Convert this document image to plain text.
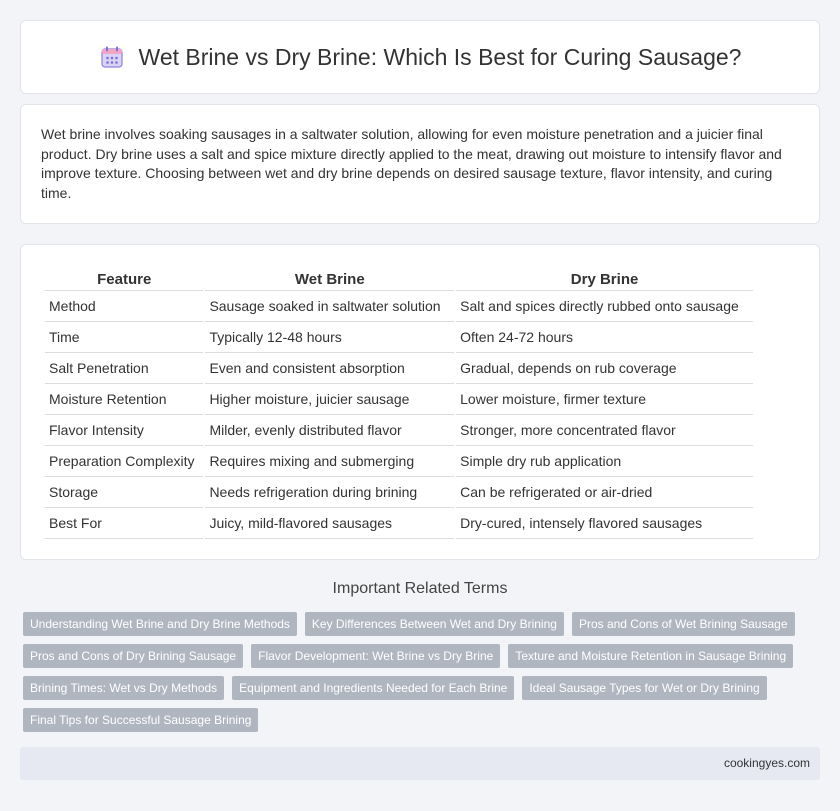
Wet Brine vs Dry Brine: Which Is Best for Curing Sausage?

Wet brine involves soaking sausages in a saltwater solution, allowing for even moisture penetration and a juicier final product. Dry brine uses a salt and spice mixture directly applied to the meat, drawing out moisture to intensify flavor and improve texture. Choosing between wet and dry brine depends on desired sausage texture, flavor intensity, and curing time.

Feature	Wet Brine	Dry Brine
Method	Sausage soaked in saltwater solution	Salt and spices directly rubbed onto sausage
Time	Typically 12-48 hours	Often 24-72 hours
Salt Penetration	Even and consistent absorption	Gradual, depends on rub coverage
Moisture Retention	Higher moisture, juicier sausage	Lower moisture, firmer texture
Flavor Intensity	Milder, evenly distributed flavor	Stronger, more concentrated flavor
Preparation Complexity	Requires mixing and submerging	Simple dry rub application
Storage	Needs refrigeration during brining	Can be refrigerated or air-dried
Best For	Juicy, mild-flavored sausages	Dry-cured, intensely flavored sausages
Important Related Terms
Understanding Wet Brine and Dry Brine Methods	Key Differences Between Wet and Dry Brining	Pros and Cons of Wet Brining Sausage
Pros and Cons of Dry Brining Sausage	Flavor Development: Wet Brine vs Dry Brine	Texture and Moisture Retention in Sausage Brining
Brining Times: Wet vs Dry Methods	Equipment and Ingredients Needed for Each Brine	Ideal Sausage Types for Wet or Dry Brining
Final Tips for Successful Sausage Brining
cookingyes.com
